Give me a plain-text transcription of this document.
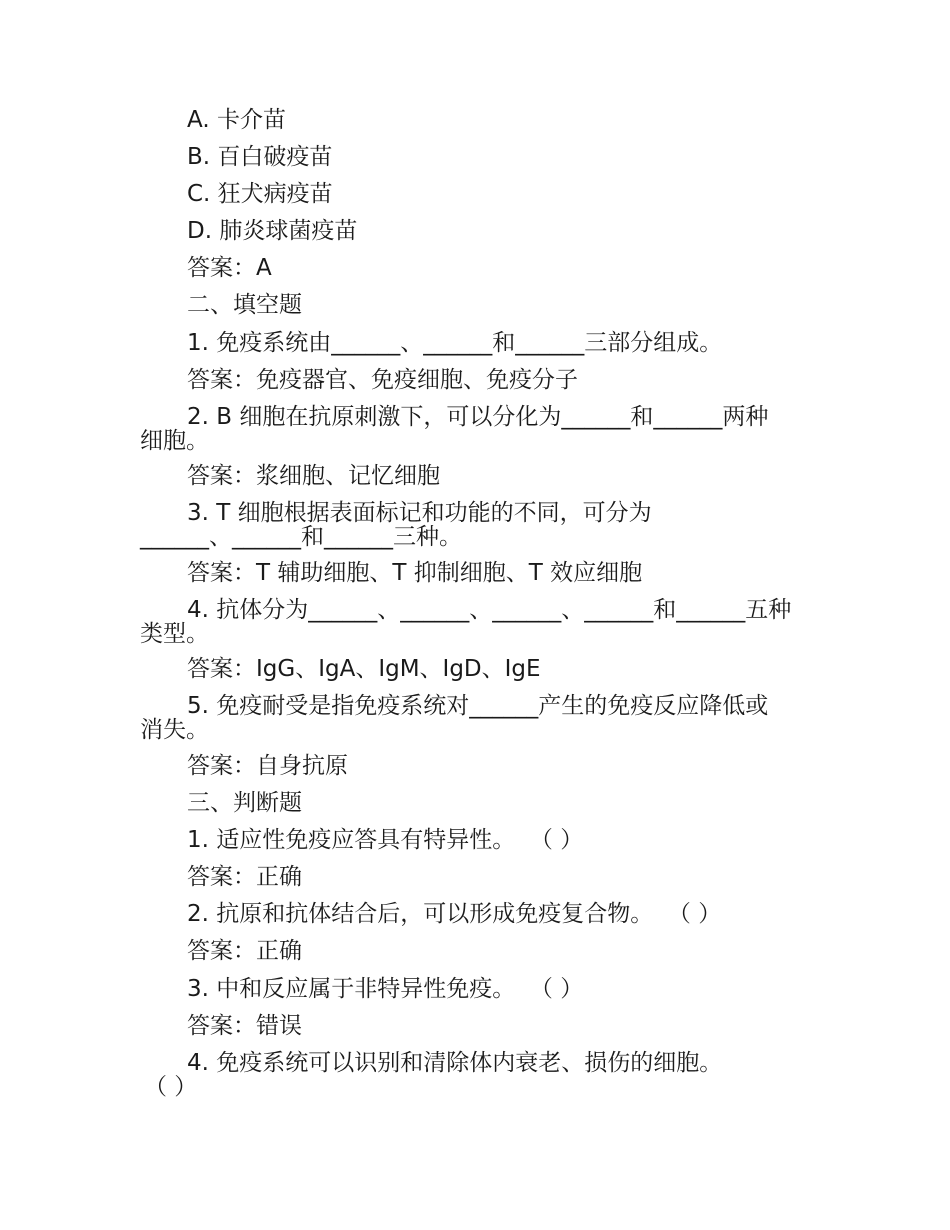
A. 卡介苗
B. 百白破疫苗
C. 狂犬病疫苗
D. 肺炎球菌疫苗
答案：A
二、填空题
1. 免疫系统由______、______和______三部分组成。
答案：免疫器官、免疫细胞、免疫分子
2. B 细胞在抗原刺激下，可以分化为______和______两种
细胞。
答案：浆细胞、记忆细胞
3. T 细胞根据表面标记和功能的不同，可分为
______、______和______三种。
答案：T 辅助细胞、T 抑制细胞、T 效应细胞
4. 抗体分为______、______、______、______和______五种
类型。
答案：IgG、IgA、IgM、IgD、IgE
5. 免疫耐受是指免疫系统对______产生的免疫反应降低或
消失。
答案：自身抗原
三、判断题
1. 适应性免疫应答具有特异性。  （ ）
答案：正确
2. 抗原和抗体结合后，可以形成免疫复合物。  （ ）
答案：正确
3. 中和反应属于非特异性免疫。  （ ）
答案：错误
4. 免疫系统可以识别和清除体内衰老、损伤的细胞。
（ ）
